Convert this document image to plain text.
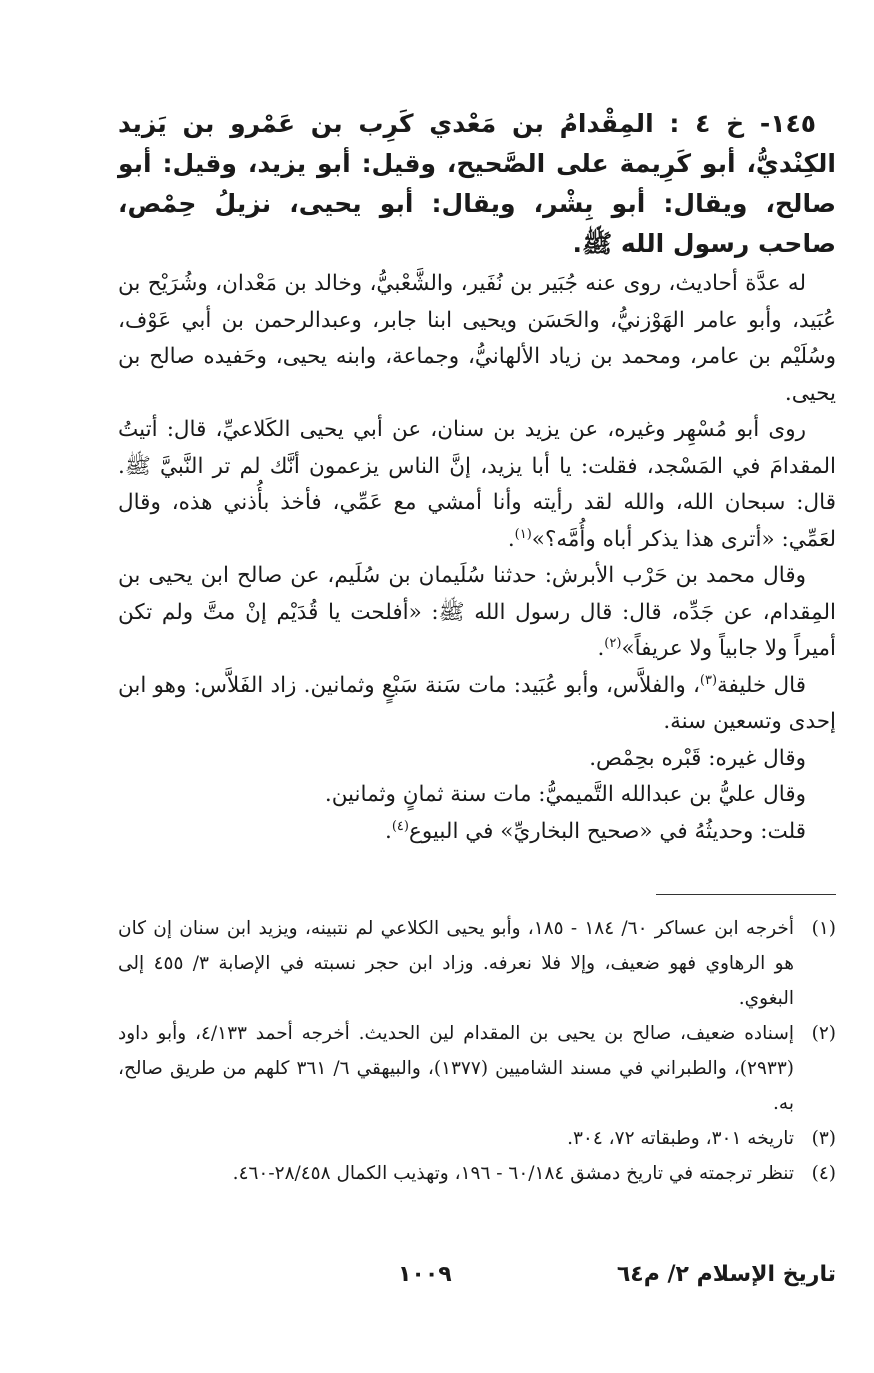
١٤٥- خ ٤ : المِقْدامُ بن مَعْدي كَرِب بن عَمْرو بن يَزيد الكِنْديُّ، أبو كَرِيمة على الصَّحيح، وقيل: أبو يزيد، وقيل: أبو صالح، ويقال: أبو بِشْر، ويقال: أبو يحيى، نزيلُ حِمْص، صاحب رسول الله ﷺ.

له عدَّة أحاديث، روى عنه جُبَير بن نُفَير، والشَّعْبيُّ، وخالد بن مَعْدان، وشُرَيْح بن عُبَيد، وأبو عامر الهَوْزنيُّ، والحَسَن ويحيى ابنا جابر، وعبدالرحمن بن أبي عَوْف، وسُلَيْم بن عامر، ومحمد بن زياد الألهانيُّ، وجماعة، وابنه يحيى، وحَفيده صالح بن يحيى.

روى أبو مُسْهِر وغيره، عن يزيد بن سنان، عن أبي يحيى الكَلاعيِّ، قال: أتيتُ المقدامَ في المَسْجد، فقلت: يا أبا يزيد، إنَّ الناس يزعمون أنَّك لم تر النَّبيَّ ﷺ. قال: سبحان الله، والله لقد رأيته وأنا أمشي مع عَمِّي، فأخذ بأُذني هذه، وقال لعَمِّي: «أترى هذا يذكر أباه وأُمَّه؟»$^{(١)}$.

وقال محمد بن حَرْب الأبرش: حدثنا سُلَيمان بن سُلَيم، عن صالح ابن يحيى بن المِقدام، عن جَدِّه، قال: قال رسول الله ﷺ: «أفلحت يا قُدَيْم إنْ متَّ ولم تكن أميراً ولا جابياً ولا عريفاً»$^{(٢)}$.

قال خليفة$^{(٣)}$، والفلاَّس، وأبو عُبَيد: مات سَنة سَبْعٍ وثمانين. زاد الفَلاَّس: وهو ابن إحدى وتسعين سنة.

وقال غيره: قَبْره بحِمْص.

وقال عليُّ بن عبدالله التَّميميُّ: مات سنة ثمانٍ وثمانين.

قلت: وحديثُهُ في «صحيح البخاريِّ» في البيوع$^{(٤)}$.

(١)
أخرجه ابن عساكر ٦٠/ ١٨٤ - ١٨٥، وأبو يحيى الكلاعي لم نتبينه، ويزيد ابن سنان إن كان هو الرهاوي فهو ضعيف، وإلا فلا نعرفه. وزاد ابن حجر نسبته في الإصابة ٣/ ٤٥٥ إلى البغوي.
(٢)
إسناده ضعيف، صالح بن يحيى بن المقدام لين الحديث. أخرجه أحمد ٤/١٣٣، وأبو داود (٢٩٣٣)، والطبراني في مسند الشاميين (١٣٧٧)، والبيهقي ٦/ ٣٦١ كلهم من طريق صالح، به.
(٣)
تاريخه ٣٠١، وطبقاته ٧٢، ٣٠٤.
(٤)
تنظر ترجمته في تاريخ دمشق ٦٠/١٨٤ - ١٩٦، وتهذيب الكمال ٢٨/٤٥٨-٤٦٠.
تاريخ الإسلام ٢/ م٦٤
١٠٠٩
